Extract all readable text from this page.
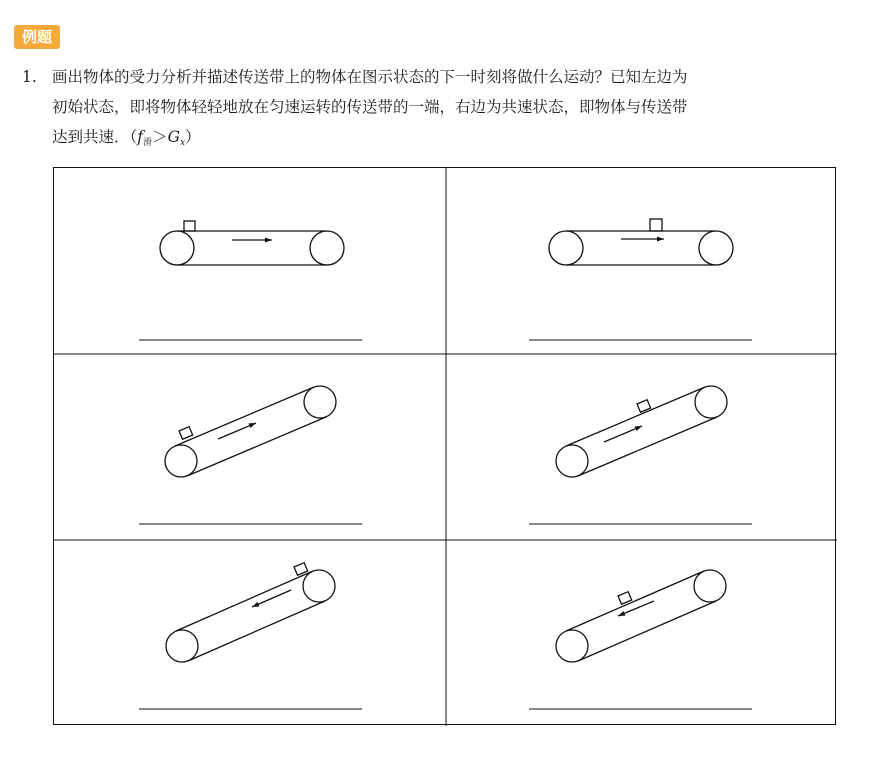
例题
1. 画出物体的受力分析并描述传送带上的物体在图示状态的下一时刻将做什么运动？已知左边为
初始状态，即将物体轻轻地放在匀速运转的传送带的一端，右边为共速状态，即物体与传送带
达到共速．（f滑＞Gx）
